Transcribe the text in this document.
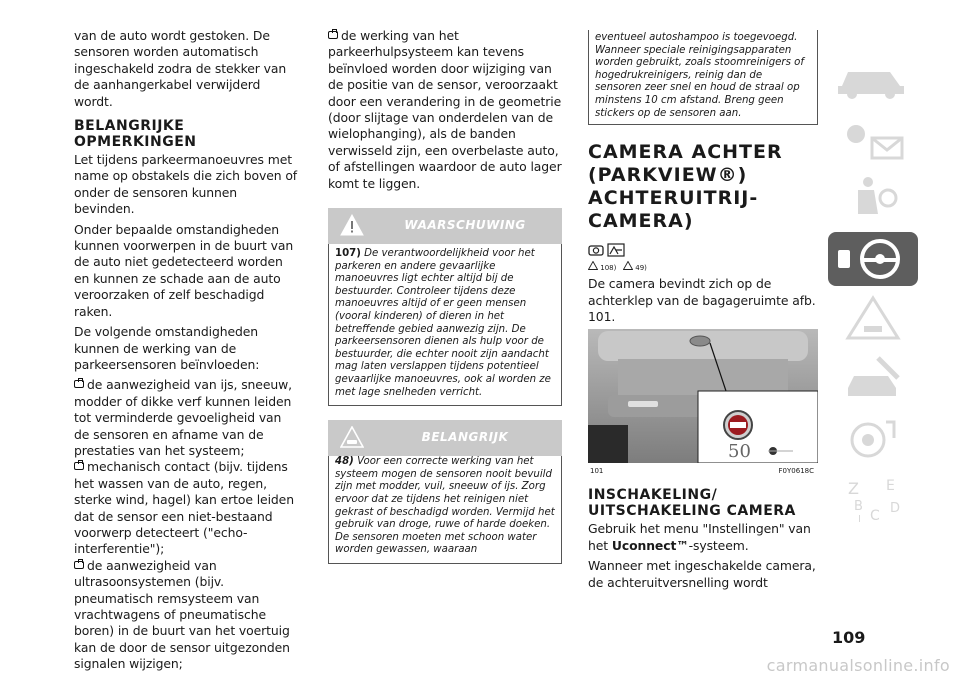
van de auto wordt gestoken. De sensoren worden automatisch ingeschakeld zodra de stekker van de aanhangerkabel verwijderd wordt.

BELANGRIJKE OPMERKINGEN

Let tijdens parkeermanoeuvres met name op obstakels die zich boven of onder de sensoren kunnen bevinden.

Onder bepaalde omstandigheden kunnen voorwerpen in de buurt van de auto niet gedetecteerd worden en kunnen ze schade aan de auto veroorzaken of zelf beschadigd raken.

De volgende omstandigheden kunnen de werking van de parkeersensoren beïnvloeden:

de aanwezigheid van ijs, sneeuw, modder of dikke verf kunnen leiden tot verminderde gevoeligheid van de sensoren en afname van de prestaties van het systeem;

mechanisch contact (bijv. tijdens het wassen van de auto, regen, sterke wind, hagel) kan ertoe leiden dat de sensor een niet-bestaand voorwerp detecteert ("echo-interferentie");

de aanwezigheid van ultrasoonsystemen (bijv. pneumatisch remsysteem van vrachtwagens of pneumatische boren) in de buurt van het voertuig kan de door de sensor uitgezonden signalen wijzigen;

de werking van het parkeerhulpsysteem kan tevens beïnvloed worden door wijziging van de positie van de sensor, veroorzaakt door een verandering in de geometrie (door slijtage van onderdelen van de wielophanging), als de banden verwisseld zijn, een overbelaste auto, of afstellingen waardoor de auto lager komt te liggen.

WAARSCHUWING

107) De verantwoordelijkheid voor het parkeren en andere gevaarlijke manoeuvres ligt echter altijd bij de bestuurder. Controleer tijdens deze manoeuvres altijd of er geen mensen (vooral kinderen) of dieren in het betreffende gebied aanwezig zijn. De parkeersensoren dienen als hulp voor de bestuurder, die echter nooit zijn aandacht mag laten verslappen tijdens potentieel gevaarlijke manoeuvres, ook al worden ze met lage snelheden verricht.

BELANGRIJK

48) Voor een correcte werking van het systeem mogen de sensoren nooit bevuild zijn met modder, vuil, sneeuw of ijs. Zorg ervoor dat ze tijdens het reinigen niet gekrast of beschadigd worden. Vermijd het gebruik van droge, ruwe of harde doeken. De sensoren moeten met schoon water worden gewassen, waaraan

eventueel autoshampoo is toegevoegd. Wanneer speciale reinigingsapparaten worden gebruikt, zoals stoomreinigers of hogedrukreinigers, reinig dan de sensoren zeer snel en houd de straal op minstens 10 cm afstand. Breng geen stickers op de sensoren aan.

CAMERA ACHTER (PARKVIEW®) ACHTERUITRIJ-CAMERA)
108)	49)

De camera bevindt zich op de achterklep van de bagageruimte afb. 101.

50
101	F0Y0618C
INSCHAKELING/ UITSCHAKELING CAMERA

Gebruik het menu "Instellingen" van het Uconnect™-systeem.

Wanneer met ingeschakelde camera, de achteruitversnelling wordt

Z E
B
C D
I
109
carmanualsonline.info
